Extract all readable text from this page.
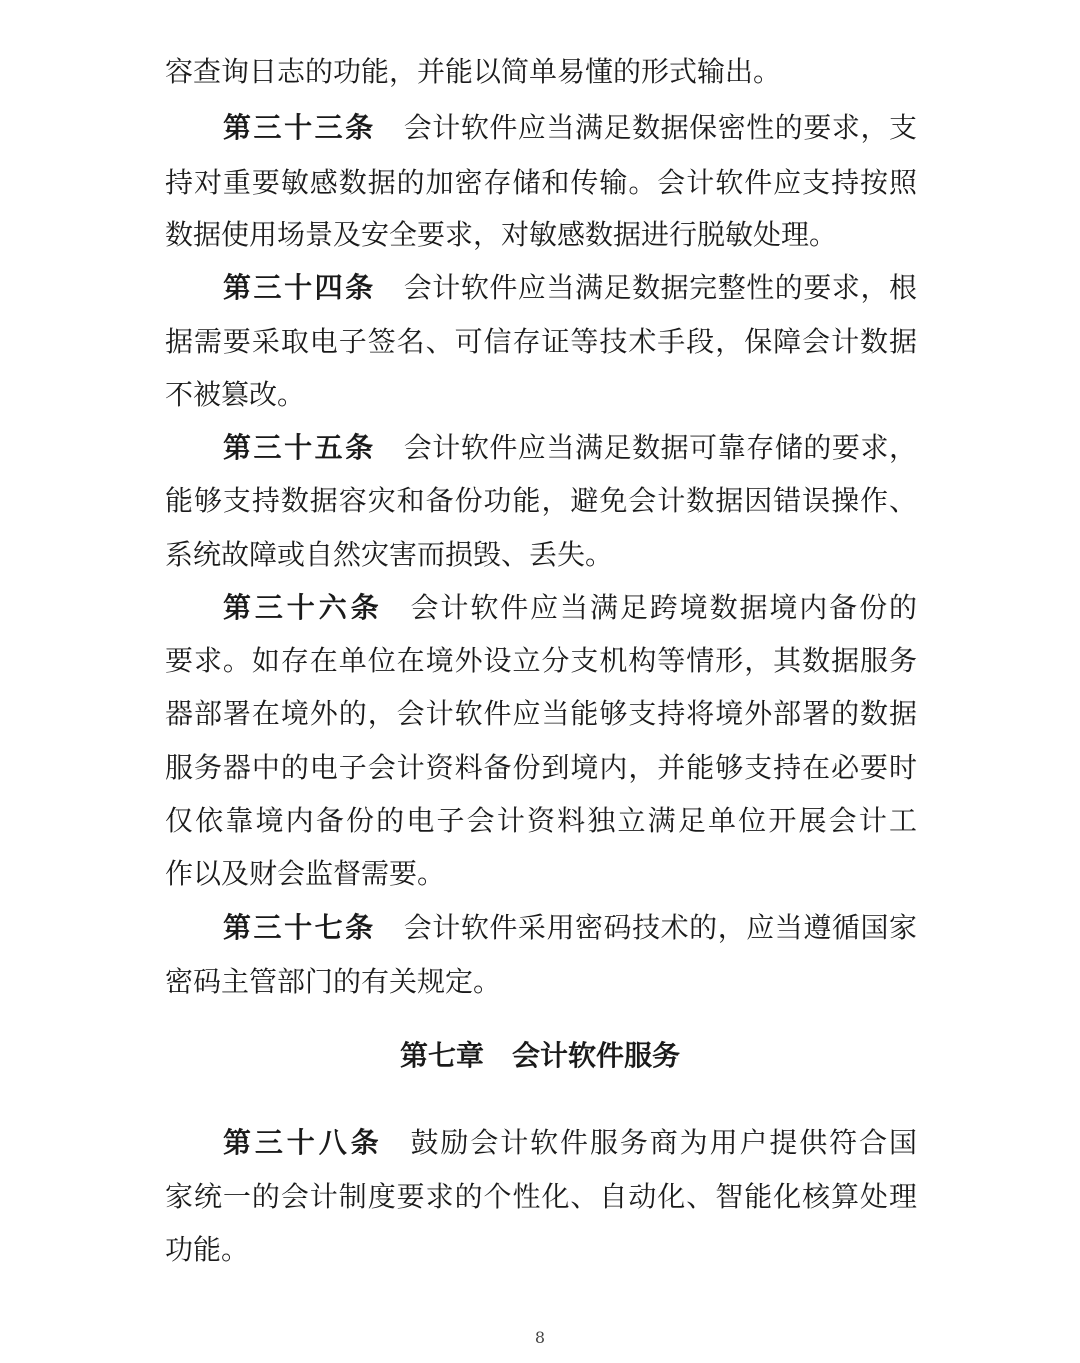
容查询日志的功能，并能以简单易懂的形式输出。
第三十三条 会计软件应当满足数据保密性的要求，支
持对重要敏感数据的加密存储和传输。会计软件应支持按照
数据使用场景及安全要求，对敏感数据进行脱敏处理。
第三十四条 会计软件应当满足数据完整性的要求，根
据需要采取电子签名、可信存证等技术手段，保障会计数据
不被篡改。
第三十五条 会计软件应当满足数据可靠存储的要求，
能够支持数据容灾和备份功能，避免会计数据因错误操作、
系统故障或自然灾害而损毁、丢失。
第三十六条 会计软件应当满足跨境数据境内备份的
要求。如存在单位在境外设立分支机构等情形，其数据服务
器部署在境外的，会计软件应当能够支持将境外部署的数据
服务器中的电子会计资料备份到境内，并能够支持在必要时
仅依靠境内备份的电子会计资料独立满足单位开展会计工
作以及财会监督需要。
第三十七条 会计软件采用密码技术的，应当遵循国家
密码主管部门的有关规定。
第七章 会计软件服务
第三十八条 鼓励会计软件服务商为用户提供符合国
家统一的会计制度要求的个性化、自动化、智能化核算处理
功能。
8
